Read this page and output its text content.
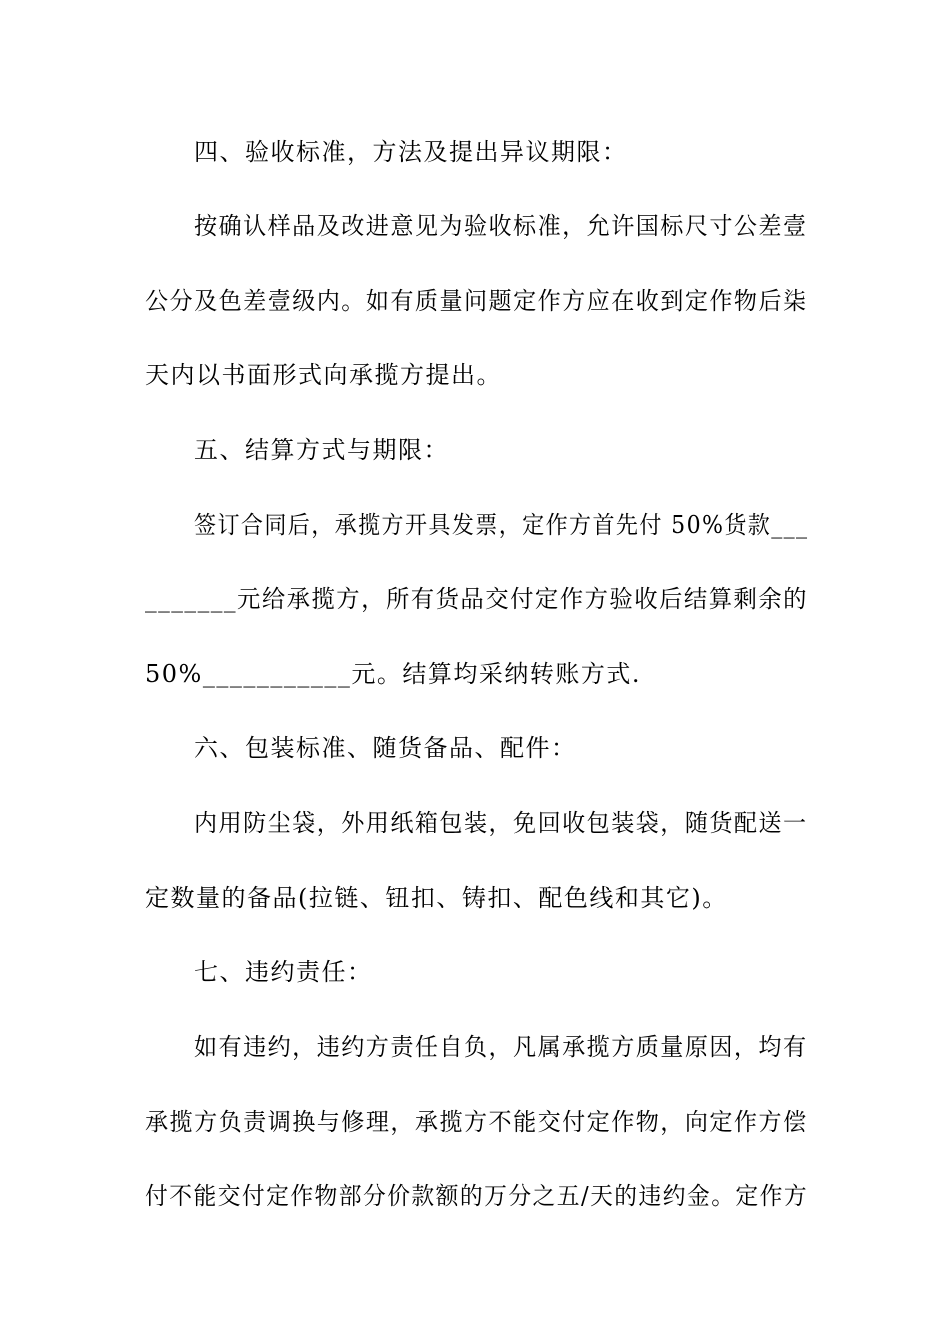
四、验收标准，方法及提出异议期限：
按确认样品及改进意见为验收标准，允许国标尺寸公差壹
公分及色差壹级内。如有质量问题定作方应在收到定作物后柒
天内以书面形式向承揽方提出。
五、结算方式与期限：
签订合同后，承揽方开具发票，定作方首先付 50%货款___
_______元给承揽方，所有货品交付定作方验收后结算剩余的
50%___________元。结算均采纳转账方式.
六、包装标准、随货备品、配件：
内用防尘袋，外用纸箱包装，免回收包装袋，随货配送一
定数量的备品(拉链、钮扣、铸扣、配色线和其它)。
七、违约责任：
如有违约，违约方责任自负，凡属承揽方质量原因，均有
承揽方负责调换与修理，承揽方不能交付定作物，向定作方偿
付不能交付定作物部分价款额的万分之五/天的违约金。定作方
